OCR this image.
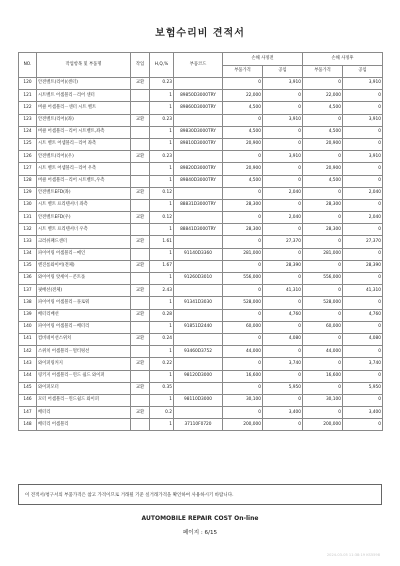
보험수리비 견적서
NO.	작업항목 및 부품명	작업	H,Q,%	부품코드	손해 사정전		손해 사정후	
					부품가격	공임	부품가격	공임
120	안전벨트(리어)(센터)	교환	0.23		0	3,910	0	3,910
121	시트벨트 어셈블리－리어 센터		1	89850D3000TRY	22,000	0	22,000	0
122	버클 어셈블리－센터 시트 벨트		1	89860D3000TRY	4,500	0	4,500	0
123	안전벨트(리어)(좌)	교환	0.23		0	3,910	0	3,910
124	버클 어셈블리－리어 시트벨트,좌측		1	89830D3000TRY	4,500	0	4,500	0
125	시트 벨트 어셈블리－리어 좌측		1	89810D3000TRY	20,900	0	20,900	0
126	안전벨트(리어)(우)	교환	0.23		0	3,910	0	3,910
127	시트 벨트 어셈블리－리어 우측		1	89820D3000TRY	20,900	0	20,900	0
128	버클 어셈블리－리어 시트벨트,우측		1	89840D3000TRY	4,500	0	4,500	0
129	안전벨트EFD(좌)	교환	0.12		0	2,040	0	2,040
130	시트 벨트 프리텐셔너 좌측		1	88831D3000TRY	28,300	0	28,300	0
131	안전벨트EFD(우)	교환	0.12		0	2,040	0	2,040
132	시트 벨트 프리텐셔너 우측		1	88841D3000TRY	28,300	0	28,300	0
133	크러쉬패드센터	교환	1.61		0	27,370	0	27,370
134	파이어링 어셈블리－메인		1	91140D3360	281,000	0	281,000	0
135	엔진룸와이어(전체)	교환	1.67		0	28,390	0	28,390
136	와이어링 앗세이－콘트롤		1	91260D3010	556,000	0	556,000	0
137	핏배선(전체)	교환	2.43		0	41,310	0	41,310
138	파이어링 어셈블리－플로워		1	91341D3030	528,000	0	528,000	0
139	배터리배선	교환	0.28		0	4,760	0	4,760
140	파이어링 어셈블리－배터리		1	91851D2440	60,000	0	60,000	0
141	컴비네이션스위치	교환	0.24		0	4,080	0	4,080
142	스위치 어셈블리－멀티펑션		1	93460D3752	44,000	0	44,000	0
143	와이퍼링커지	교환	0.22		0	3,740	0	3,740
144	링키지 어셈블리－윈드 쉴드 와이퍼		1	98120D3000	16,600	0	16,600	0
145	와이퍼모터	교환	0.35		0	5,950	0	5,950
146	모터 어셈블리－윈드쉴드 와이퍼		1	98110D3000	30,100	0	30,100	0
147	배터리	교환	0.2		0	3,400	0	3,400
148	배터리 어셈블리		1	37110F0720	200,000	0	200,000	0
이 견적서/청구서의 부품가격은 참고 가격이므로 거래될 기준 실거래가격을 확인하여 사용하시기 바랍니다.
AUTOMOBILE REPAIR COST On-line
페이지 : 6/15
2024-03-05 11:38:19 KS5598
